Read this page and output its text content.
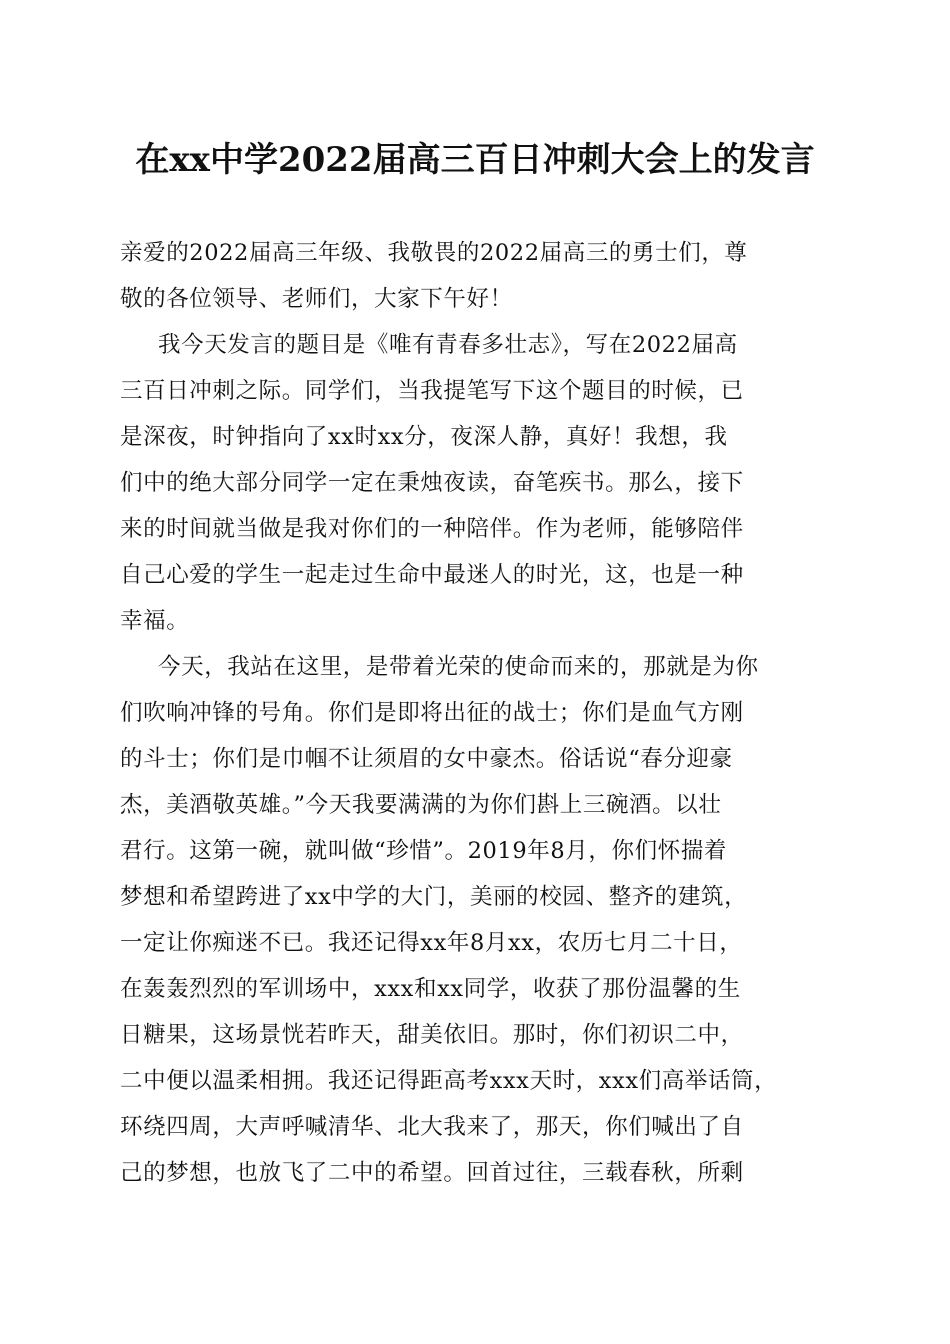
在xx中学2022届高三百日冲刺大会上的发言
亲爱的2022届高三年级、我敬畏的2022届高三的勇士们，尊
敬的各位领导、老师们，大家下午好！
我今天发言的题目是《唯有青春多壮志》，写在2022届高
三百日冲刺之际。同学们，当我提笔写下这个题目的时候，已
是深夜，时钟指向了xx时xx分，夜深人静，真好！我想，我
们中的绝大部分同学一定在秉烛夜读，奋笔疾书。那么，接下
来的时间就当做是我对你们的一种陪伴。作为老师，能够陪伴
自己心爱的学生一起走过生命中最迷人的时光，这，也是一种
幸福。
今天，我站在这里，是带着光荣的使命而来的，那就是为你
们吹响冲锋的号角。你们是即将出征的战士；你们是血气方刚
的斗士；你们是巾帼不让须眉的女中豪杰。俗话说“春分迎豪
杰，美酒敬英雄。”今天我要满满的为你们斟上三碗酒。以壮
君行。这第一碗，就叫做“珍惜”。2019年8月，你们怀揣着
梦想和希望跨进了xx中学的大门，美丽的校园、整齐的建筑，
一定让你痴迷不已。我还记得xx年8月xx，农历七月二十日，
在轰轰烈烈的军训场中，xxx和xx同学，收获了那份温馨的生
日糖果，这场景恍若昨天，甜美依旧。那时，你们初识二中，
二中便以温柔相拥。我还记得距高考xxx天时，xxx们高举话筒，
环绕四周，大声呼喊清华、北大我来了，那天，你们喊出了自
己的梦想，也放飞了二中的希望。回首过往，三载春秋，所剩
